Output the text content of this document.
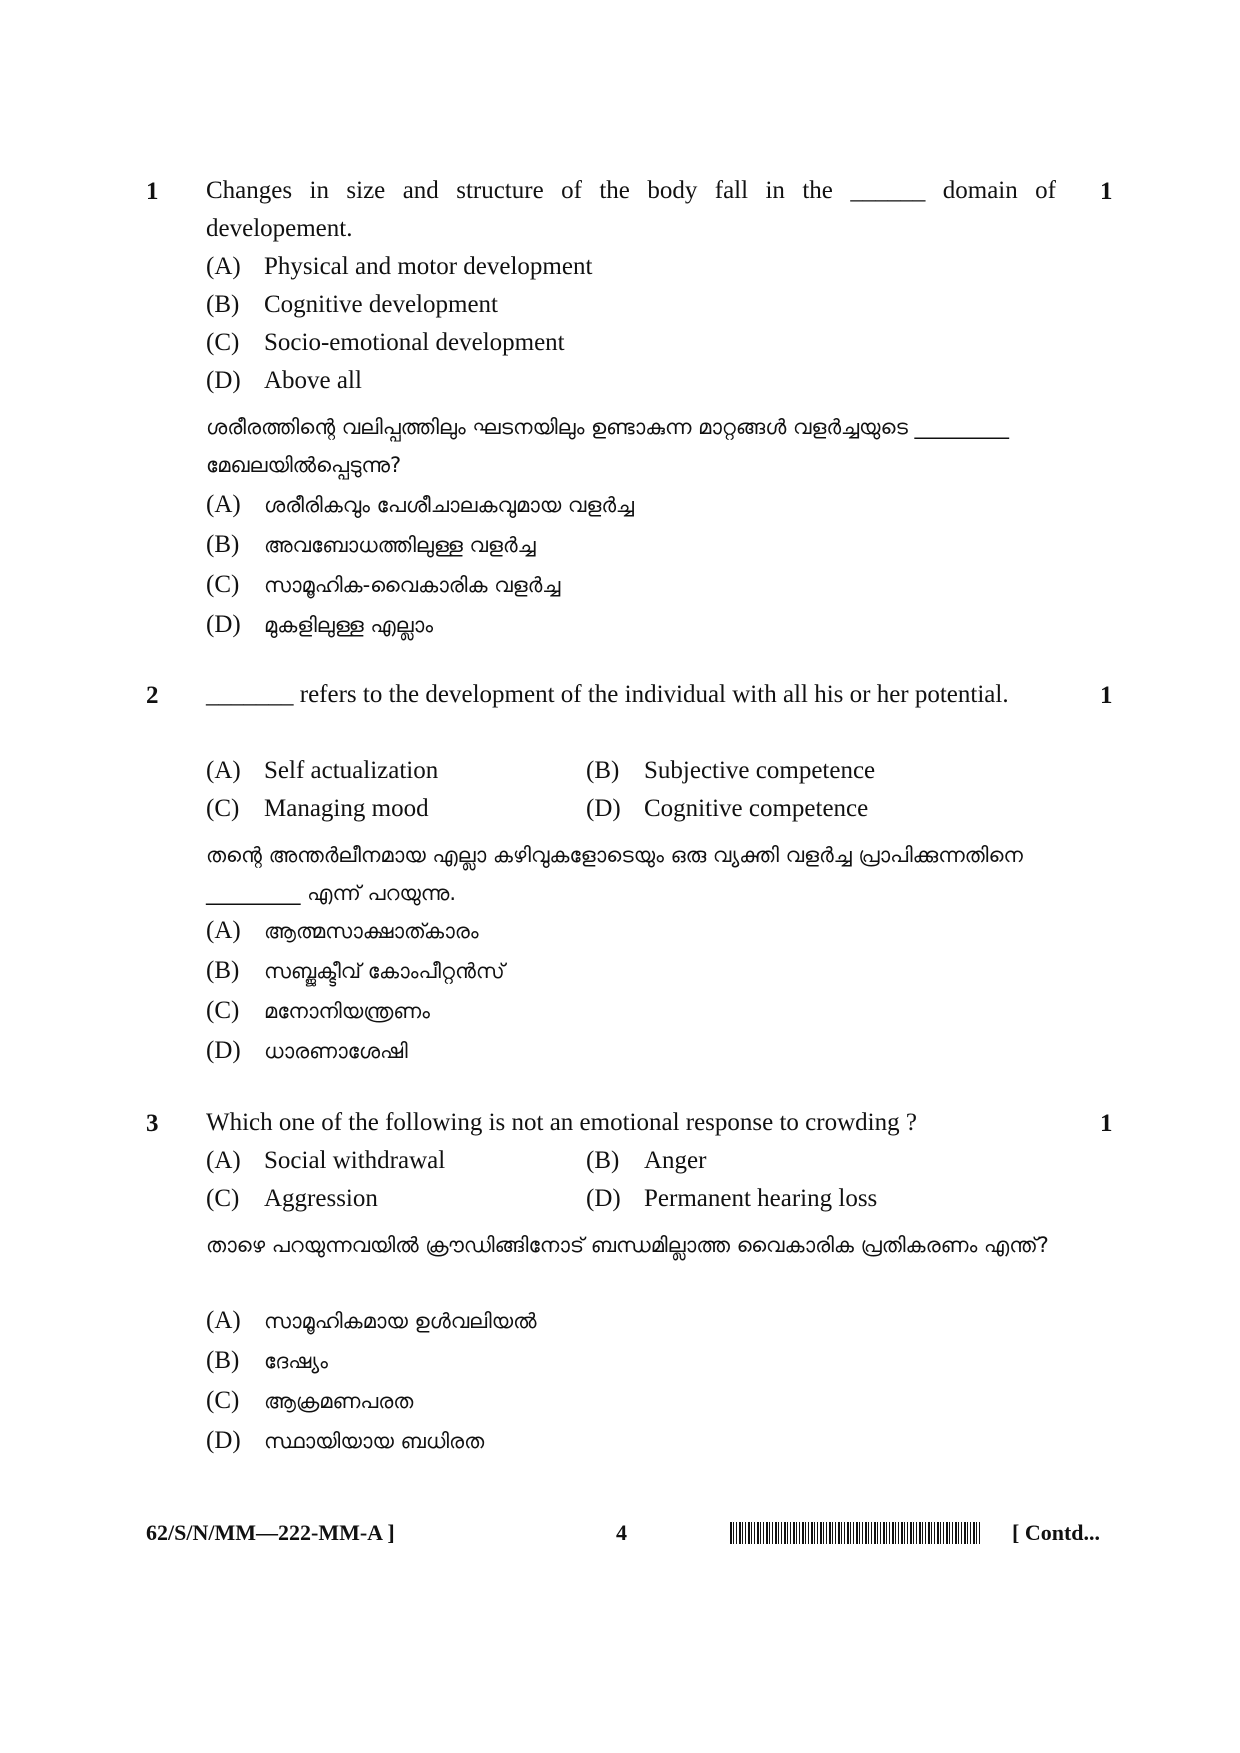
1	1
Changes in size and structure of the body fall in the ______ domain of developement.
(A) Physical and motor development
(B) Cognitive development
(C) Socio-emotional development
(D) Above all
ശരീരത്തിന്റെ വലിപ്പത്തിലും ഘടനയിലും ഉണ്ടാകുന്ന മാറ്റങ്ങൾ വളർച്ചയുടെ _________ മേഖലയിൽപ്പെടുന്നു?
(A) ശരീരികവും പേശീചാലകവുമായ വളർച്ച
(B) അവബോധത്തിലുള്ള വളർച്ച
(C) സാമൂഹിക-വൈകാരിക വളർച്ച
(D) മുകളിലുള്ള എല്ലാം
2	1
_______ refers to the development of the individual with all his or her potential.
(A) Self actualization	(B) Subjective competence
(C) Managing mood	(D) Cognitive competence
തന്റെ അന്തർലീനമായ എല്ലാ കഴിവുകളോടെയും ഒരു വ്യക്തി വളർച്ച പ്രാപിക്കുന്നതിനെ _________ എന്ന് പറയുന്നു.
(A) ആത്മസാക്ഷാത്കാരം
(B) സബ്ജക്ടീവ് കോംപീറ്റൻസ്
(C) മനോനിയന്ത്രണം
(D) ധാരണാശേഷി
3	1
Which one of the following is not an emotional response to crowding ?
(A) Social withdrawal	(B) Anger
(C) Aggression	(D) Permanent hearing loss
താഴെ പറയുന്നവയിൽ ക്രൗഡിങ്ങിനോട് ബന്ധമില്ലാത്ത വൈകാരിക പ്രതികരണം എന്ത്?
(A) സാമൂഹികമായ ഉൾവലിയൽ
(B) ദേഷ്യം
(C) ആക്രമണപരത
(D) സ്ഥായിയായ ബധിരത
62/S/N/MM—222-MM-A ]	4	[ Contd...
